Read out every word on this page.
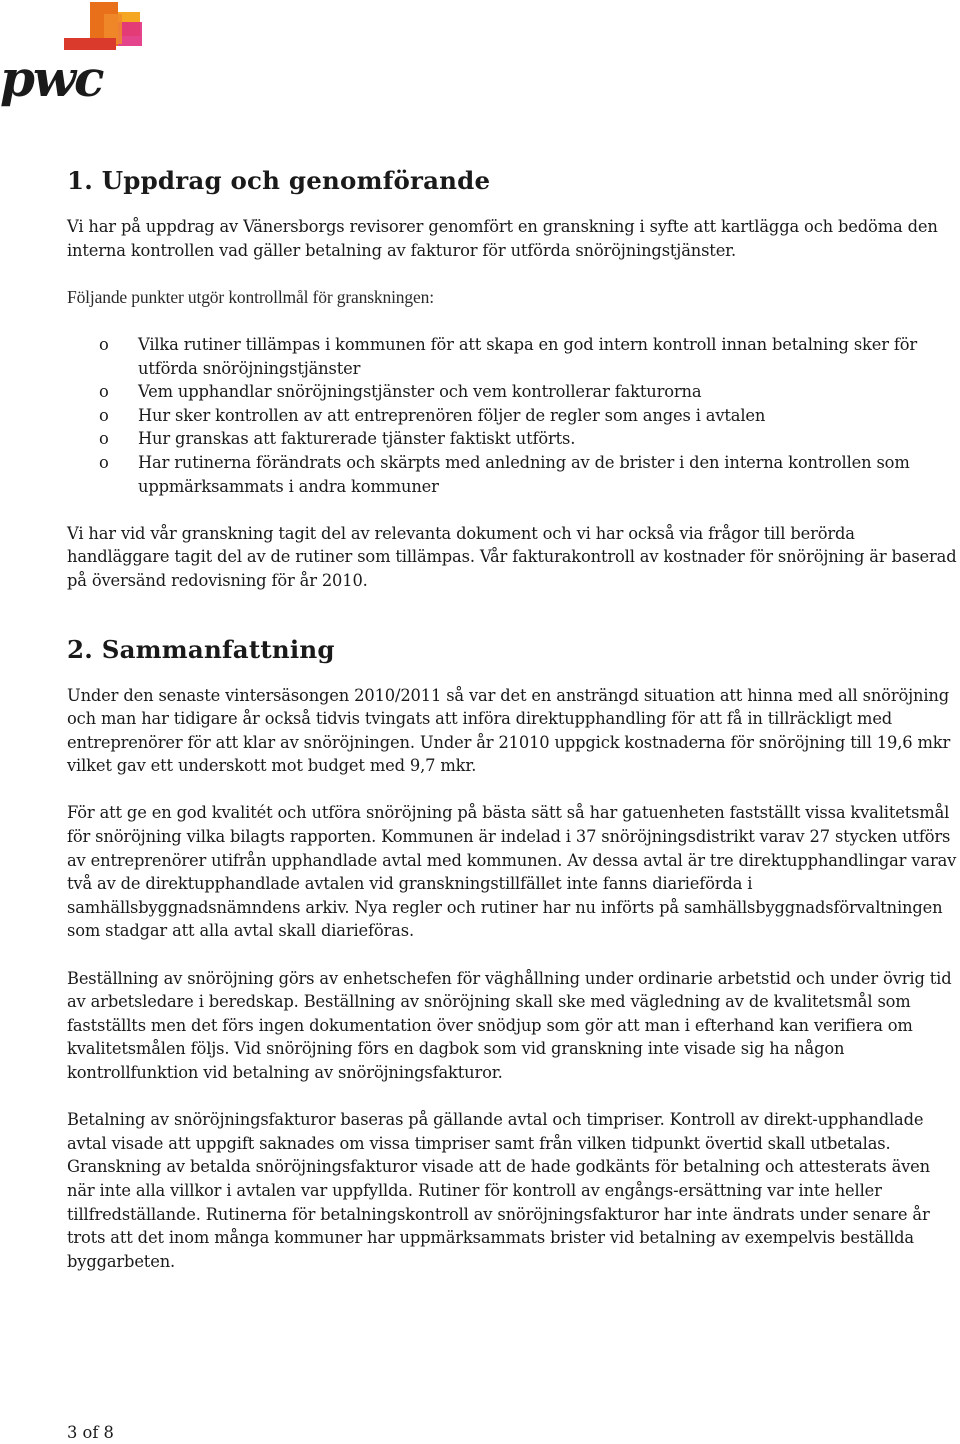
pwc
1. Uppdrag och genomförande

Vi har på uppdrag av Vänersborgs revisorer genomfört en granskning i syfte att kartlägga och bedöma den interna kontrollen vad gäller betalning av fakturor för utförda snöröjningstjänster.

Följande punkter utgör kontrollmål för granskningen:

o Vilka rutiner tillämpas i kommunen för att skapa en god intern kontroll innan betalning sker för utförda snöröjningstjänster
o Vem upphandlar snöröjningstjänster och vem kontrollerar fakturorna
o Hur sker kontrollen av att entreprenören följer de regler som anges i avtalen
o Hur granskas att fakturerade tjänster faktiskt utförts.
o Har rutinerna förändrats och skärpts med anledning av de brister i den interna kontrollen som uppmärksammats i andra kommuner

Vi har vid vår granskning tagit del av relevanta dokument och vi har också via frågor till berörda handläggare tagit del av de rutiner som tillämpas. Vår fakturakontroll av kostnader för snöröjning är baserad på översänd redovisning för år 2010.

2. Sammanfattning

Under den senaste vintersäsongen 2010/2011 så var det en ansträngd situation att hinna med all snöröjning och man har tidigare år också tidvis tvingats att införa direktupphandling för att få in tillräckligt med entreprenörer för att klar av snöröjningen. Under år 21010 uppgick kostnaderna för snöröjning till 19,6 mkr vilket gav ett underskott mot budget med 9,7 mkr.

För att ge en god kvalitét och utföra snöröjning på bästa sätt så har gatuenheten fastställt vissa kvalitetsmål för snöröjning vilka bilagts rapporten. Kommunen är indelad i 37 snöröjningsdistrikt varav 27 stycken utförs av entreprenörer utifrån upphandlade avtal med kommunen. Av dessa avtal är tre direktupphandlingar varav två av de direktupphandlade avtalen vid granskningstillfället inte fanns diarieförda i samhällsbyggnadsnämndens arkiv. Nya regler och rutiner har nu införts på samhällsbyggnadsförvaltningen som stadgar att alla avtal skall diarieföras.

Beställning av snöröjning görs av enhetschefen för väghållning under ordinarie arbetstid och under övrig tid av arbetsledare i beredskap. Beställning av snöröjning skall ske med vägledning av de kvalitetsmål som fastställts men det förs ingen dokumentation över snödjup som gör att man i efterhand kan verifiera om kvalitetsmålen följs. Vid snöröjning förs en dagbok som vid granskning inte visade sig ha någon kontrollfunktion vid betalning av snöröjningsfakturor.

Betalning av snöröjningsfakturor baseras på gällande avtal och timpriser. Kontroll av direkt-upphandlade avtal visade att uppgift saknades om vissa timpriser samt från vilken tidpunkt övertid skall utbetalas. Granskning av betalda snöröjningsfakturor visade att de hade godkänts för betalning och attesterats även när inte alla villkor i avtalen var uppfyllda. Rutiner för kontroll av engångs-ersättning var inte heller tillfredställande. Rutinerna för betalningskontroll av snöröjningsfakturor har inte ändrats under senare år trots att det inom många kommuner har uppmärksammats brister vid betalning av exempelvis beställda byggarbeten.

3 of 8
